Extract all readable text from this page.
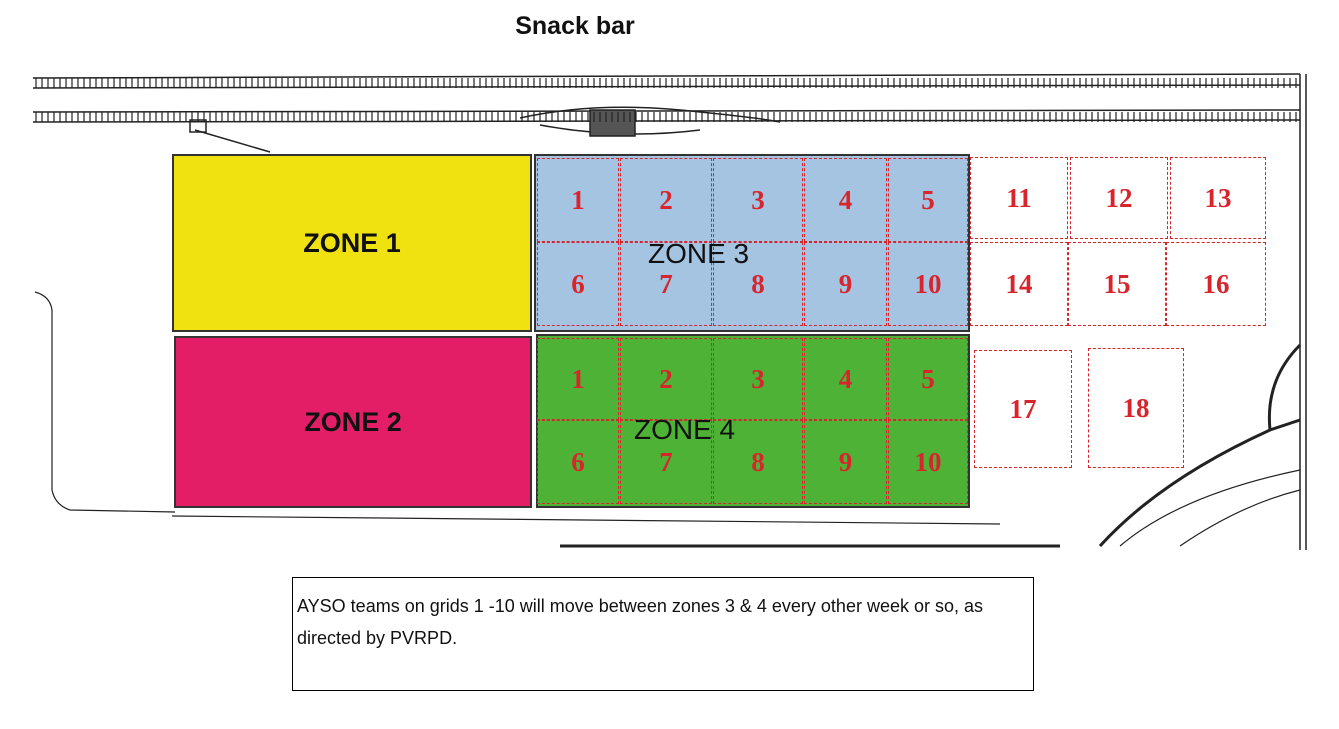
Snack bar
ZONE 1
ZONE 2
1	2	3	4	5
6	7	8	9 10
1	2	3	4	5
6	7	8	9 10
11	12	13
14	15	16
17	18
ZONE 3
ZONE 4
AYSO teams on grids 1 -10 will move between zones 3 & 4 every other week or so, as directed by PVRPD.
